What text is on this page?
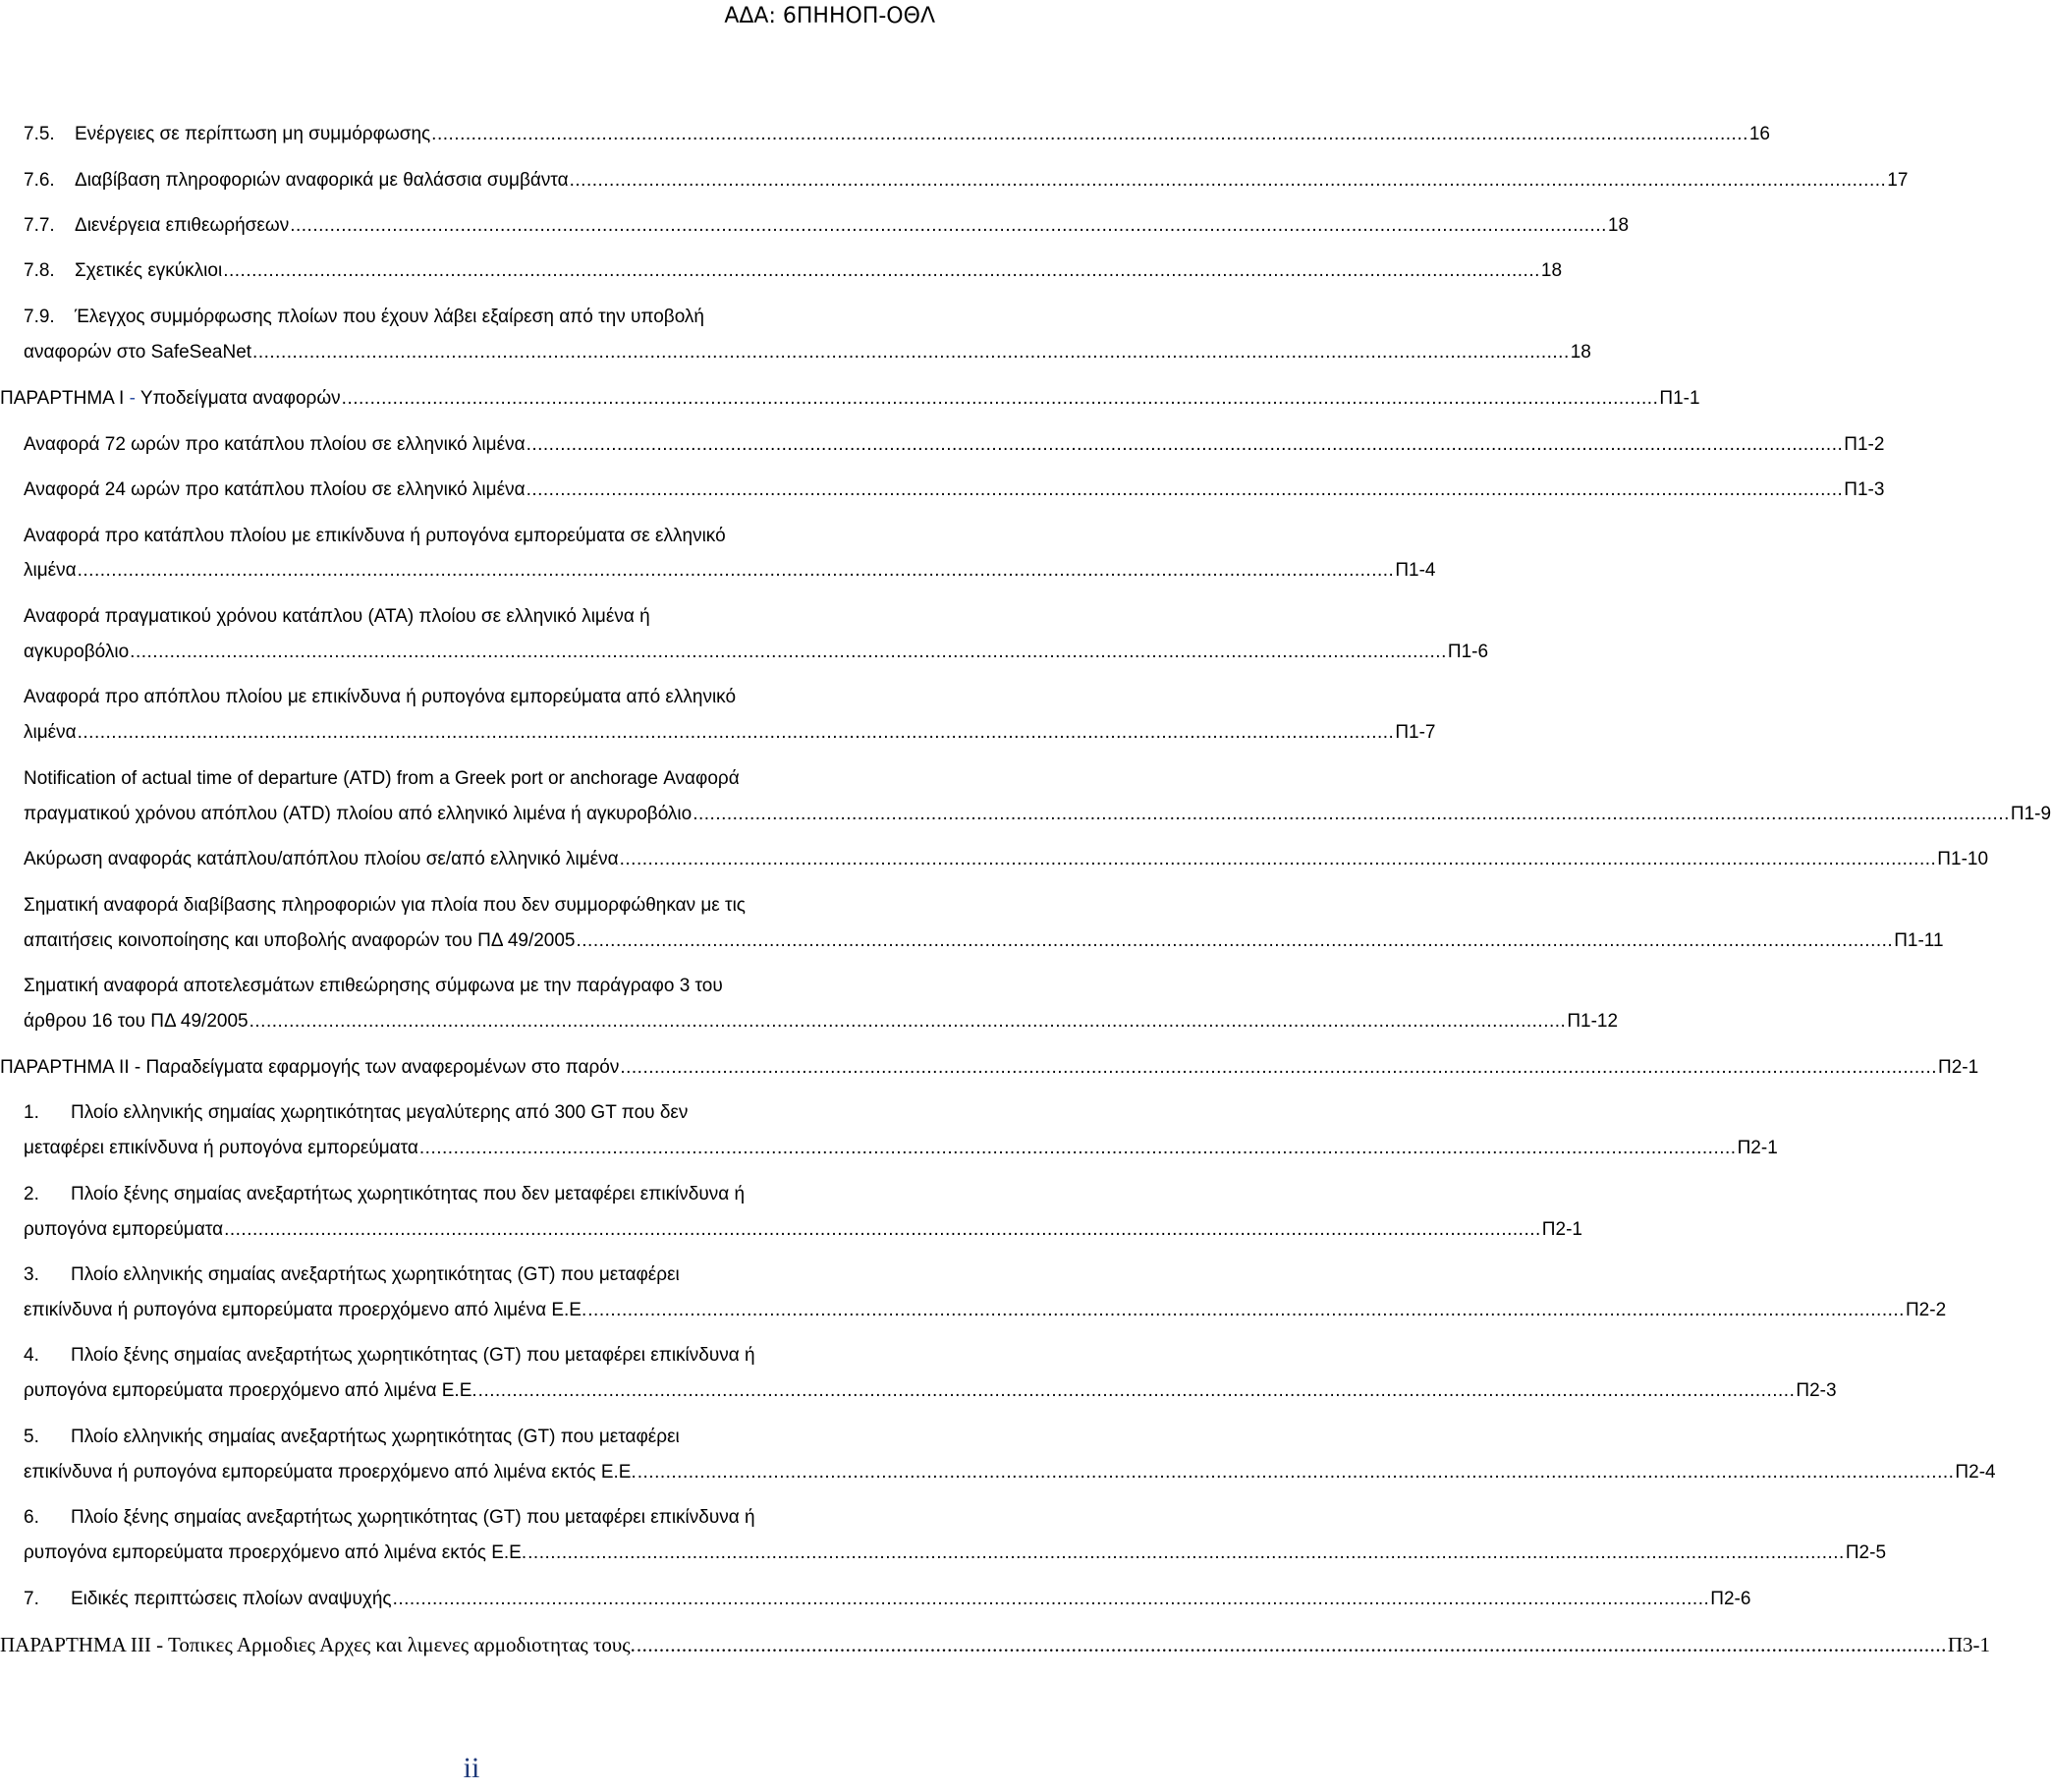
ΑΔΑ: 6ΠΗΗΟΠ-ΟΘΛ
7.5.	Ενέργειες σε περίπτωση μη συμμόρφωσης .....	16
7.6.	Διαβίβαση πληροφοριών αναφορικά με θαλάσσια συμβάντα .....	17
7.7.	Διενέργεια επιθεωρήσεων .....	18
7.8.	Σχετικές εγκύκλιοι .....	18
7.9.	Έλεγχος συμμόρφωσης πλοίων που έχουν λάβει εξαίρεση από την υποβολή
αναφορών στο SafeSeaNet .....	18
ΠΑΡΑΡΤΗΜΑ Ι - Υποδείγματα αναφορών .....	Π1-1
Αναφορά 72 ωρών προ κατάπλου πλοίου σε ελληνικό λιμένα .....	Π1-2
Αναφορά 24 ωρών προ κατάπλου πλοίου σε ελληνικό λιμένα .....	Π1-3
Αναφορά προ κατάπλου πλοίου με επικίνδυνα ή ρυπογόνα εμπορεύματα σε ελληνικό
λιμένα .....	Π1-4
Αναφορά πραγματικού χρόνου κατάπλου (ATA) πλοίου σε ελληνικό λιμένα ή
αγκυροβόλιο .....	Π1-6
Αναφορά προ απόπλου πλοίου με επικίνδυνα ή ρυπογόνα εμπορεύματα από ελληνικό
λιμένα .....	Π1-7
Notification of actual time of departure (ATD) from a Greek port or anchorage Αναφορά
πραγματικού χρόνου απόπλου (ATD) πλοίου από ελληνικό λιμένα ή αγκυροβόλιο .....	Π1-9
Ακύρωση αναφοράς κατάπλου/απόπλου πλοίου σε/από ελληνικό λιμένα .....	Π1-10
Σηματική αναφορά διαβίβασης πληροφοριών για πλοία που δεν συμμορφώθηκαν με τις
απαιτήσεις κοινοποίησης και υποβολής αναφορών του ΠΔ 49/2005 .....	Π1-11
Σηματική αναφορά αποτελεσμάτων επιθεώρησης σύμφωνα με την παράγραφο 3 του
άρθρου 16 του ΠΔ 49/2005 .....	Π1-12
ΠΑΡΑΡΤΗΜΑ ΙΙ - Παραδείγματα εφαρμογής των αναφερομένων στο παρόν .....	Π2-1
1.	Πλοίο ελληνικής σημαίας χωρητικότητας μεγαλύτερης από 300 GT που δεν
μεταφέρει επικίνδυνα ή ρυπογόνα εμπορεύματα .....	Π2-1
2.	Πλοίο ξένης σημαίας ανεξαρτήτως χωρητικότητας που δεν μεταφέρει επικίνδυνα ή
ρυπογόνα εμπορεύματα .....	Π2-1
3.	Πλοίο ελληνικής σημαίας ανεξαρτήτως χωρητικότητας (GT) που μεταφέρει
επικίνδυνα ή ρυπογόνα εμπορεύματα προερχόμενο από λιμένα Ε.Ε. .....	Π2-2
4.	Πλοίο ξένης σημαίας ανεξαρτήτως χωρητικότητας (GT) που μεταφέρει επικίνδυνα ή
ρυπογόνα εμπορεύματα προερχόμενο από λιμένα Ε.Ε. .....	Π2-3
5.	Πλοίο ελληνικής σημαίας ανεξαρτήτως χωρητικότητας (GT) που μεταφέρει
επικίνδυνα ή ρυπογόνα εμπορεύματα προερχόμενο από λιμένα εκτός Ε.Ε. .....	Π2-4
6.	Πλοίο ξένης σημαίας ανεξαρτήτως χωρητικότητας (GT) που μεταφέρει επικίνδυνα ή
ρυπογόνα εμπορεύματα προερχόμενο από λιμένα εκτός Ε.Ε. .....	Π2-5
7.	Ειδικές περιπτώσεις πλοίων αναψυχής .....	Π2-6
ΠΑΡΑΡΤΗΜΑ ΙΙΙ - Τοπικες Αρμοδιες Αρχες και λιμενες αρμοδιοτητας τους. .....	Π3-1
ii
